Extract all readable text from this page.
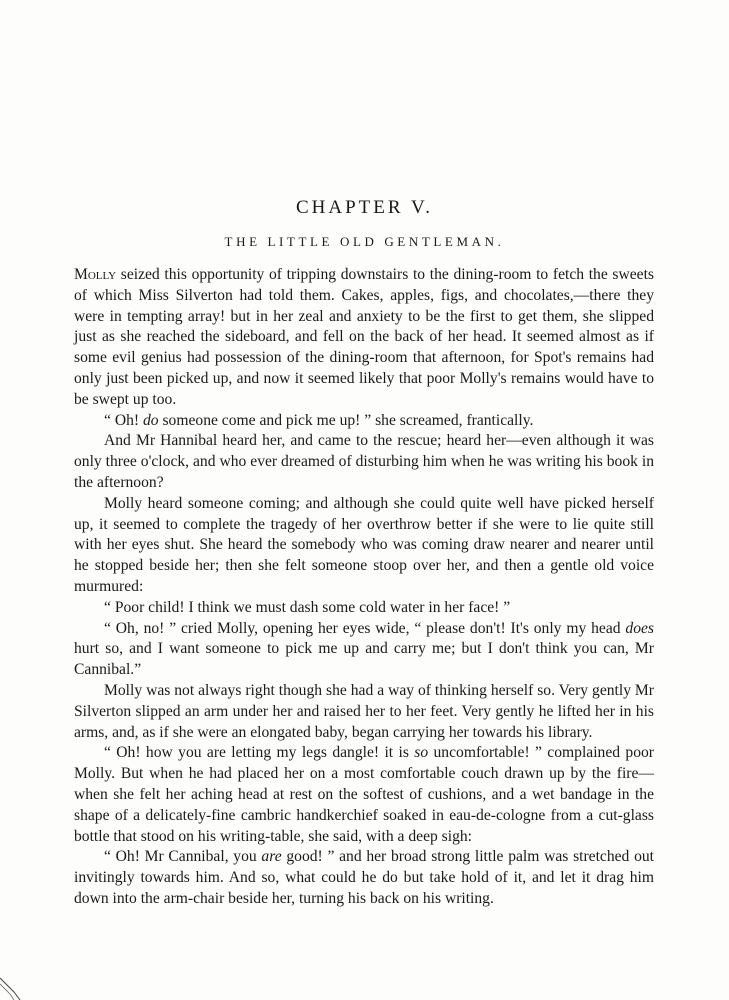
CHAPTER V.
THE LITTLE OLD GENTLEMAN.

Molly seized this opportunity of tripping downstairs to the dining-room to fetch the sweets of which Miss Silverton had told them. Cakes, apples, figs, and chocolates,—there they were in tempting array! but in her zeal and anxiety to be the first to get them, she slipped just as she reached the sideboard, and fell on the back of her head. It seemed almost as if some evil genius had possession of the dining-room that afternoon, for Spot's remains had only just been picked up, and now it seemed likely that poor Molly's remains would have to be swept up too.

“ Oh! do someone come and pick me up! ” she screamed, frantically.

And Mr Hannibal heard her, and came to the rescue; heard her—even although it was only three o'clock, and who ever dreamed of disturbing him when he was writing his book in the afternoon?

Molly heard someone coming; and although she could quite well have picked herself up, it seemed to complete the tragedy of her overthrow better if she were to lie quite still with her eyes shut. She heard the somebody who was coming draw nearer and nearer until he stopped beside her; then she felt someone stoop over her, and then a gentle old voice murmured:

“ Poor child! I think we must dash some cold water in her face! ”

“ Oh, no! ” cried Molly, opening her eyes wide, “ please don't! It's only my head does hurt so, and I want someone to pick me up and carry me; but I don't think you can, Mr Cannibal.”

Molly was not always right though she had a way of thinking herself so. Very gently Mr Silverton slipped an arm under her and raised her to her feet. Very gently he lifted her in his arms, and, as if she were an elongated baby, began carrying her towards his library.

“ Oh! how you are letting my legs dangle! it is so uncomfortable! ” complained poor Molly. But when he had placed her on a most comfortable couch drawn up by the fire—when she felt her aching head at rest on the softest of cushions, and a wet bandage in the shape of a delicately-fine cambric handkerchief soaked in eau-de-cologne from a cut-glass bottle that stood on his writing-table, she said, with a deep sigh:

“ Oh! Mr Cannibal, you are good! ” and her broad strong little palm was stretched out invitingly towards him. And so, what could he do but take hold of it, and let it drag him down into the arm-chair beside her, turning his back on his writing.
